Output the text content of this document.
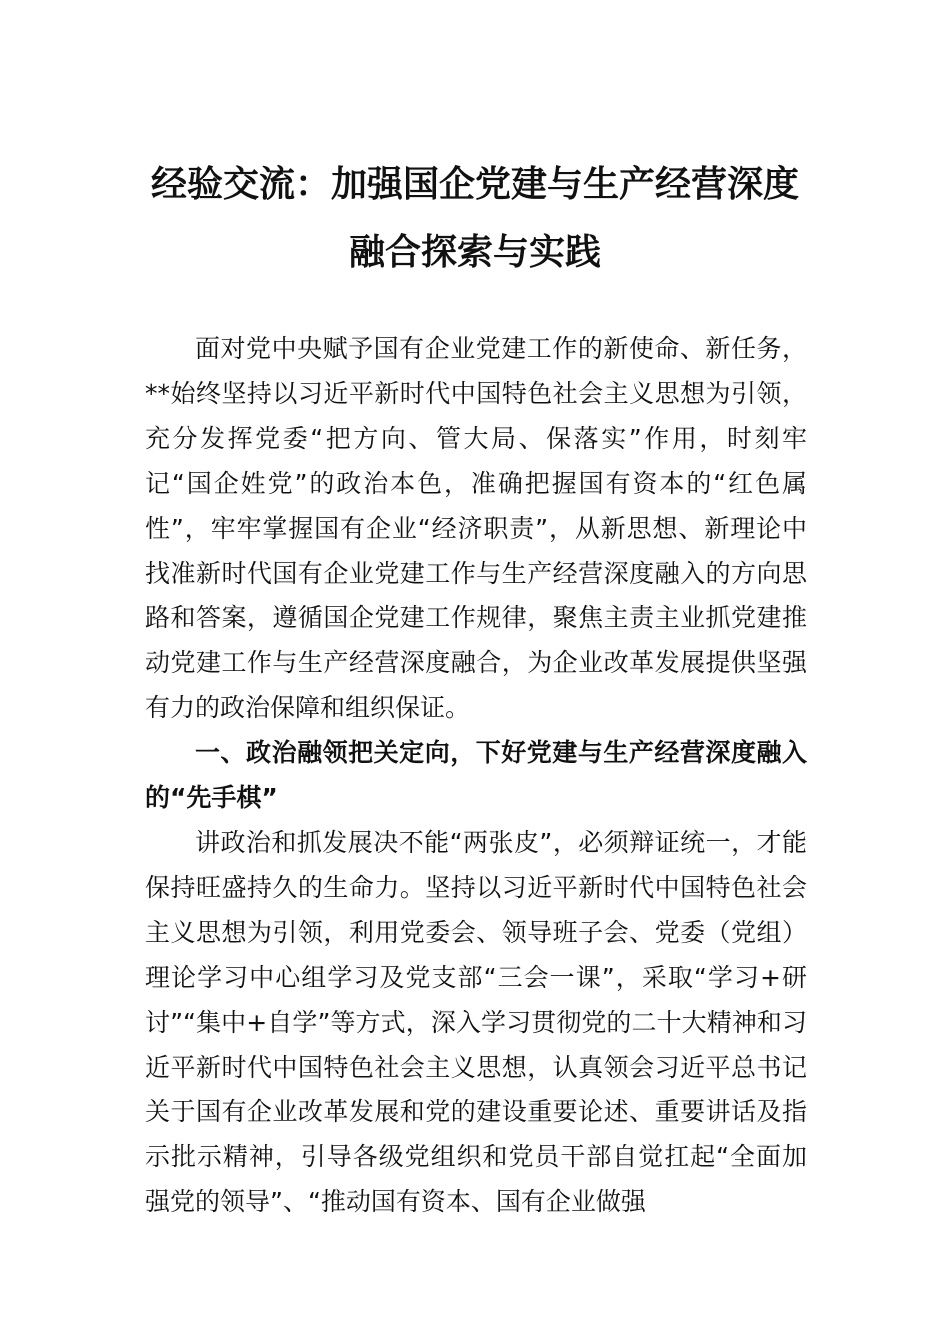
经验交流：加强国企党建与生产经营深度
融合探索与实践

面对党中央赋予国有企业党建工作的新使命、新任务，**始终坚持以习近平新时代中国特色社会主义思想为引领，充分发挥党委“把方向、管大局、保落实”作用，时刻牢记“国企姓党”的政治本色，准确把握国有资本的“红色属性”，牢牢掌握国有企业“经济职责”，从新思想、新理论中找准新时代国有企业党建工作与生产经营深度融入的方向思路和答案，遵循国企党建工作规律，聚焦主责主业抓党建推动党建工作与生产经营深度融合，为企业改革发展提供坚强有力的政治保障和组织保证。

一、政治融领把关定向，下好党建与生产经营深度融入的“先手棋”

讲政治和抓发展决不能“两张皮”，必须辩证统一，才能保持旺盛持久的生命力。坚持以习近平新时代中国特色社会主义思想为引领，利用党委会、领导班子会、党委（党组）理论学习中心组学习及党支部“三会一课”，采取“学习+研讨”“集中+自学”等方式，深入学习贯彻党的二十大精神和习近平新时代中国特色社会主义思想，认真领会习近平总书记关于国有企业改革发展和党的建设重要论述、重要讲话及指示批示精神，引导各级党组织和党员干部自觉扛起“全面加强党的领导”、“推动国有资本、国有企业做强
